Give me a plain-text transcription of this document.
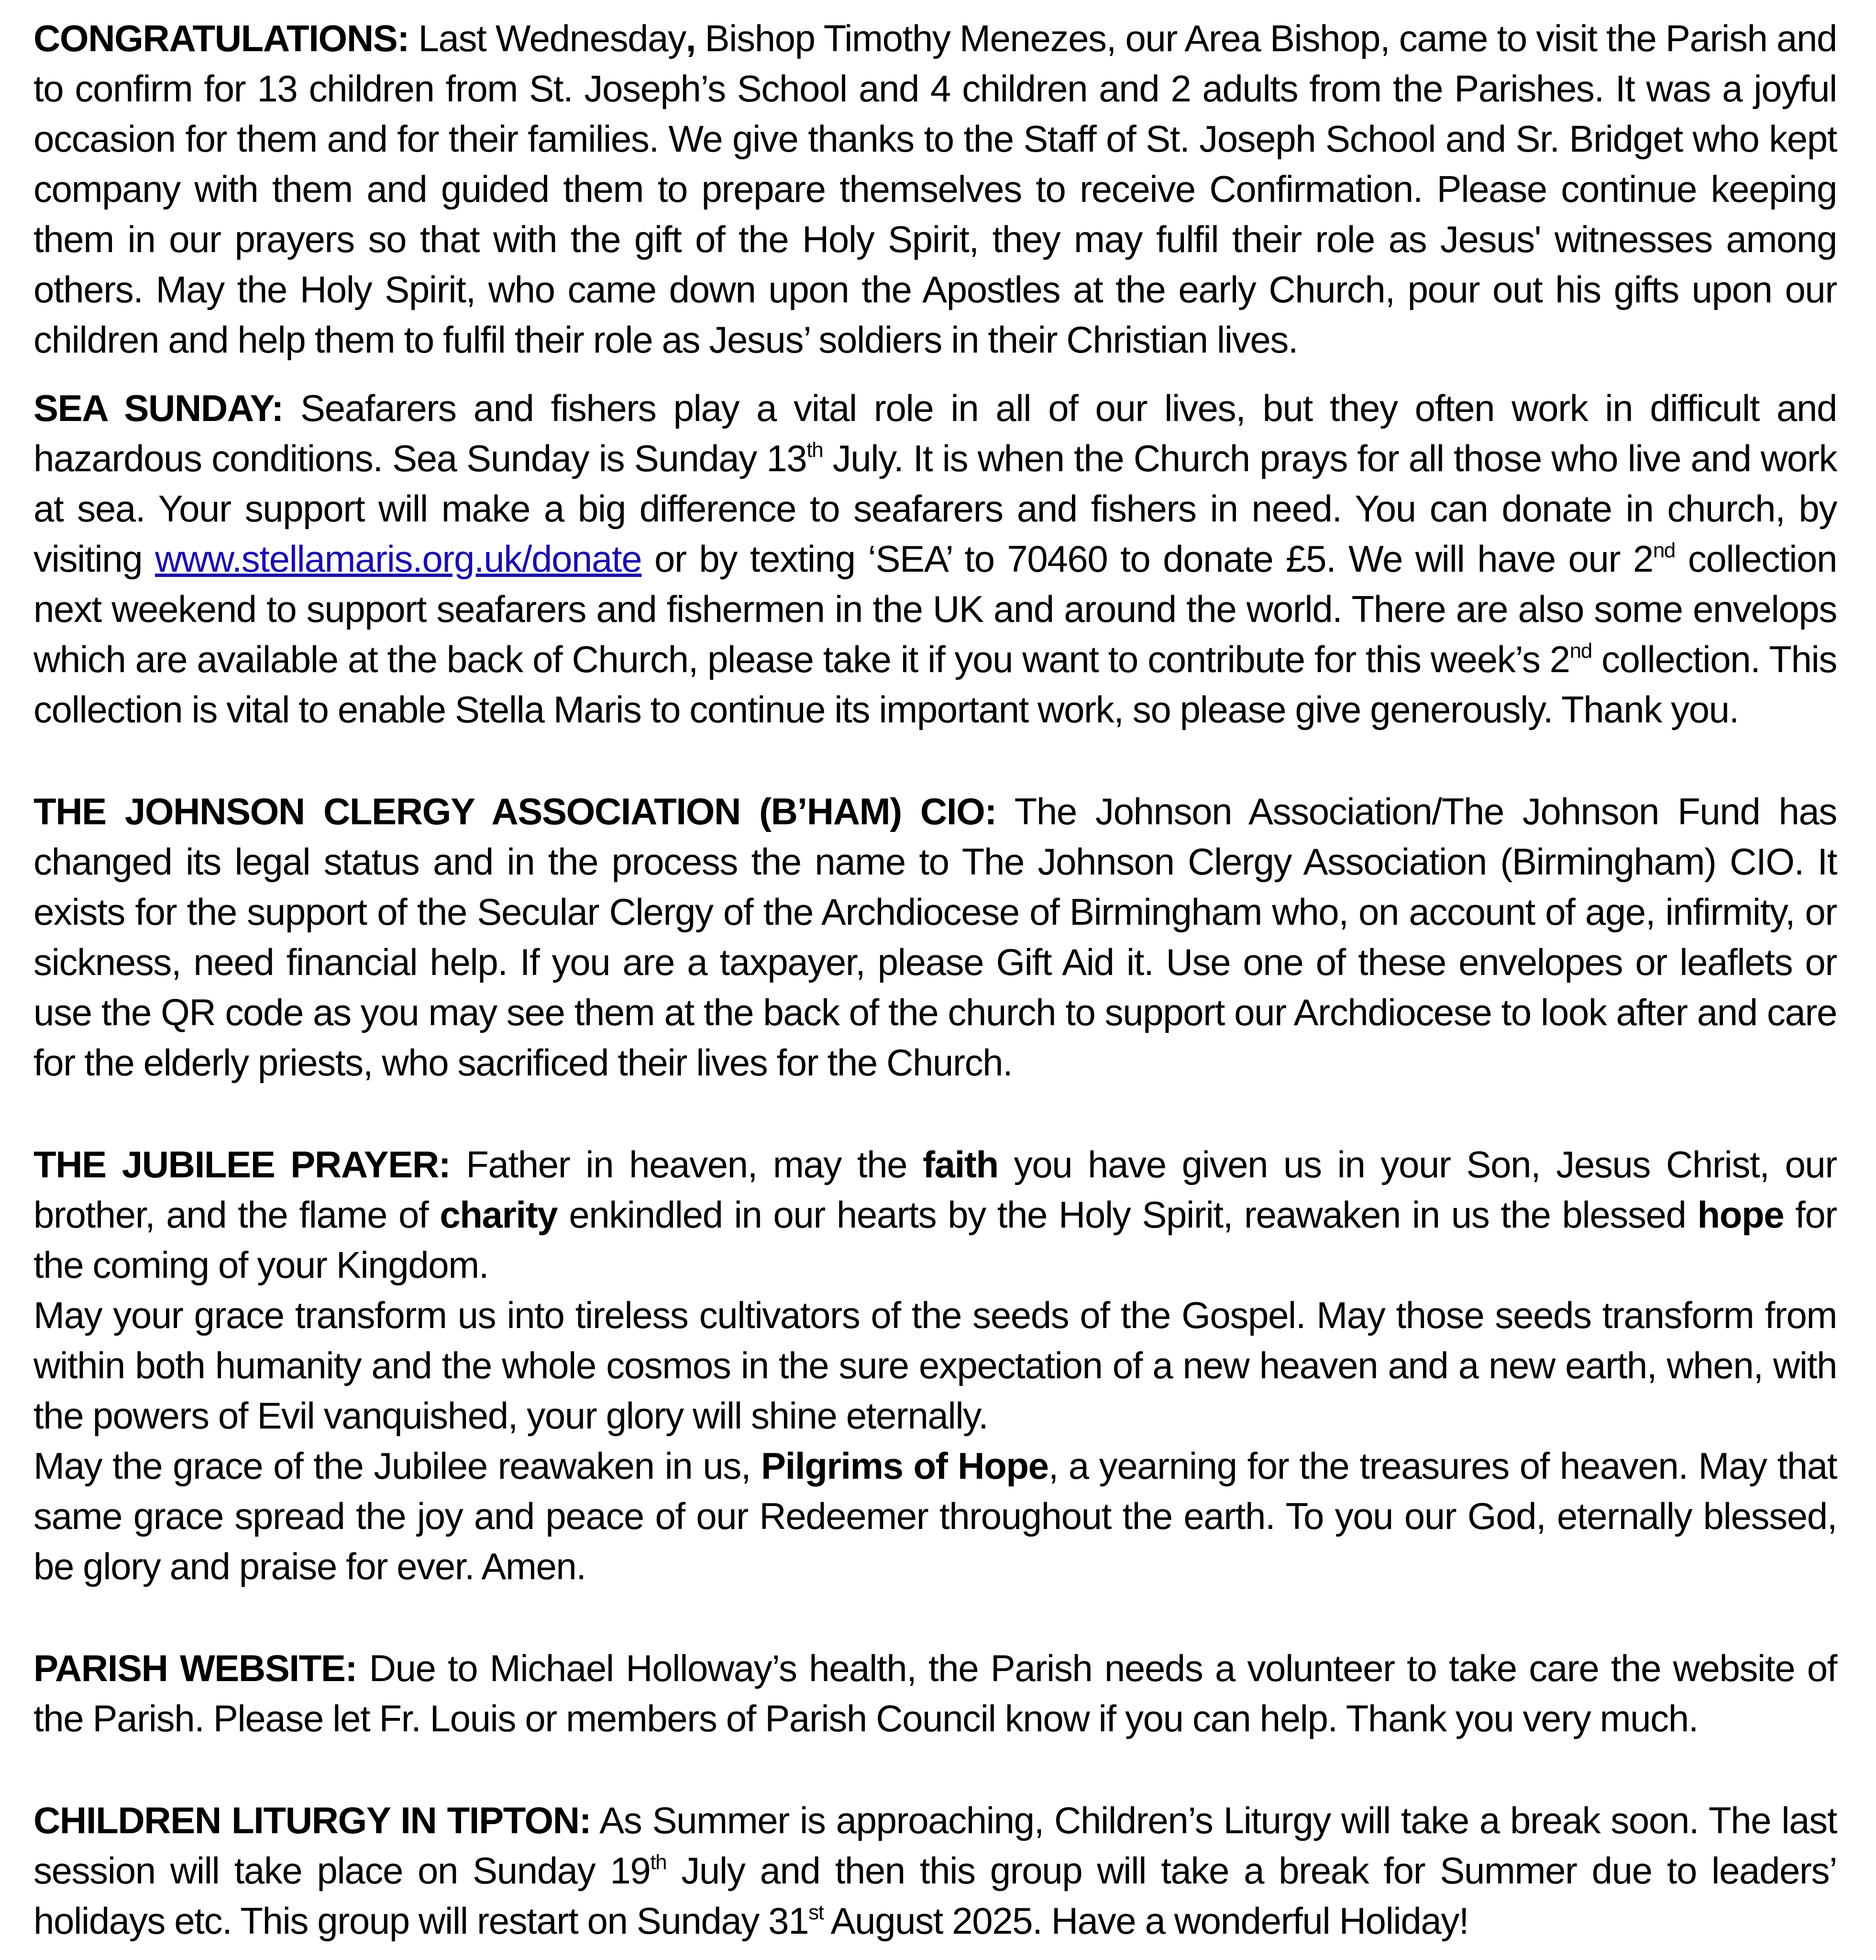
CONGRATULATIONS: Last Wednesday, Bishop Timothy Menezes, our Area Bishop, came to visit the Parish and to confirm for 13 children from St. Joseph’s School and 4 children and 2 adults from the Parishes. It was a joyful occasion for them and for their families. We give thanks to the Staff of St. Joseph School and Sr. Bridget who kept company with them and guided them to prepare themselves to receive Confirmation. Please continue keeping them in our prayers so that with the gift of the Holy Spirit, they may fulfil their role as Jesus' witnesses among others. May the Holy Spirit, who came down upon the Apostles at the early Church, pour out his gifts upon our children and help them to fulfil their role as Jesus’ soldiers in their Christian lives.

SEA SUNDAY: Seafarers and fishers play a vital role in all of our lives, but they often work in difficult and hazardous conditions. Sea Sunday is Sunday 13th July. It is when the Church prays for all those who live and work at sea. Your support will make a big difference to seafarers and fishers in need. You can donate in church, by visiting www.stellamaris.org.uk/donate or by texting ‘SEA’ to 70460 to donate £5. We will have our 2nd collection next weekend to support seafarers and fishermen in the UK and around the world. There are also some envelops which are available at the back of Church, please take it if you want to contribute for this week’s 2nd collection. This collection is vital to enable Stella Maris to continue its important work, so please give generously. Thank you.

THE JOHNSON CLERGY ASSOCIATION (B’HAM) CIO: The Johnson Association/The Johnson Fund has changed its legal status and in the process the name to The Johnson Clergy Association (Birmingham) CIO. It exists for the support of the Secular Clergy of the Archdiocese of Birmingham who, on account of age, infirmity, or sickness, need financial help. If you are a taxpayer, please Gift Aid it. Use one of these envelopes or leaflets or use the QR code as you may see them at the back of the church to support our Archdiocese to look after and care for the elderly priests, who sacrificed their lives for the Church.

THE JUBILEE PRAYER: Father in heaven, may the faith you have given us in your Son, Jesus Christ, our brother, and the flame of charity enkindled in our hearts by the Holy Spirit, reawaken in us the blessed hope for the coming of your Kingdom.

May your grace transform us into tireless cultivators of the seeds of the Gospel. May those seeds transform from within both humanity and the whole cosmos in the sure expectation of a new heaven and a new earth, when, with the powers of Evil vanquished, your glory will shine eternally.

May the grace of the Jubilee reawaken in us, Pilgrims of Hope, a yearning for the treasures of heaven. May that same grace spread the joy and peace of our Redeemer throughout the earth. To you our God, eternally blessed, be glory and praise for ever. Amen.

PARISH WEBSITE: Due to Michael Holloway’s health, the Parish needs a volunteer to take care the website of the Parish. Please let Fr. Louis or members of Parish Council know if you can help. Thank you very much.

CHILDREN LITURGY IN TIPTON: As Summer is approaching, Children’s Liturgy will take a break soon. The last session will take place on Sunday 19th July and then this group will take a break for Summer due to leaders’ holidays etc. This group will restart on Sunday 31st August 2025. Have a wonderful Holiday!
